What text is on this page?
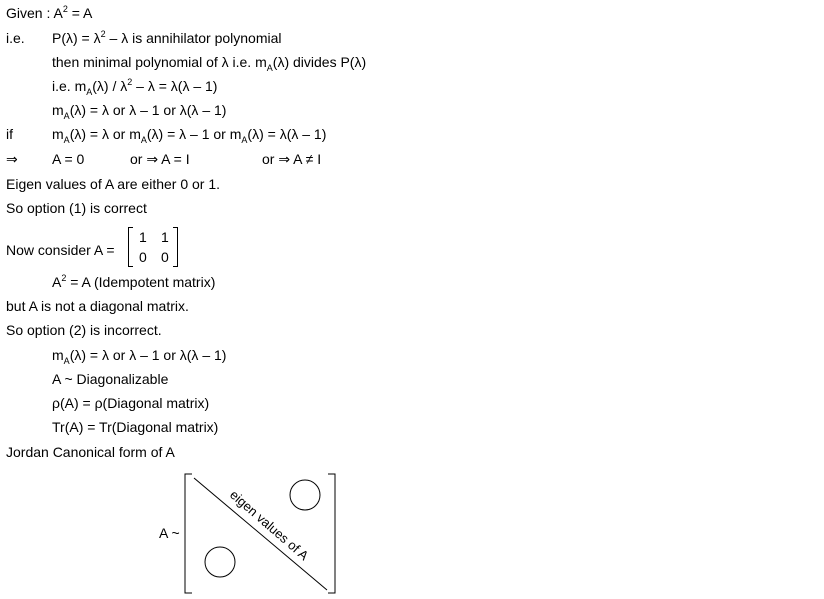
Given : $A^2 = A$
i.e. $P(\lambda) = \lambda^2 - \lambda$ is annihilator polynomial
then minimal polynomial of λ i.e. $m_A(\lambda)$ divides P(λ)
i.e. $m_A(\lambda) / \lambda^2 - \lambda = \lambda(\lambda - 1)$
$m_A(\lambda) = \lambda$ or λ – 1 or λ(λ – 1)
if	$m_A(\lambda) = \lambda$ or $m_A(\lambda) = \lambda - 1$ or $m_A(\lambda) = \lambda(\lambda - 1)$
⇒ A = 0	or ⇒ A = I	or ⇒ A ≠ I
Eigen values of A are either 0 or 1.
So option (1) is correct
Now consider A =
1 1
0 0
$A^2 = A$ (Idempotent matrix)
but A is not a diagonal matrix.
So option (2) is incorrect.
$m_A(\lambda) = \lambda$ or λ – 1 or λ(λ – 1)
A ~ Diagonalizable
ρ(A) = ρ(Diagonal matrix)
Tr(A) = Tr(Diagonal matrix)
Jordan Canonical form of A
A ~	eigen values of A
